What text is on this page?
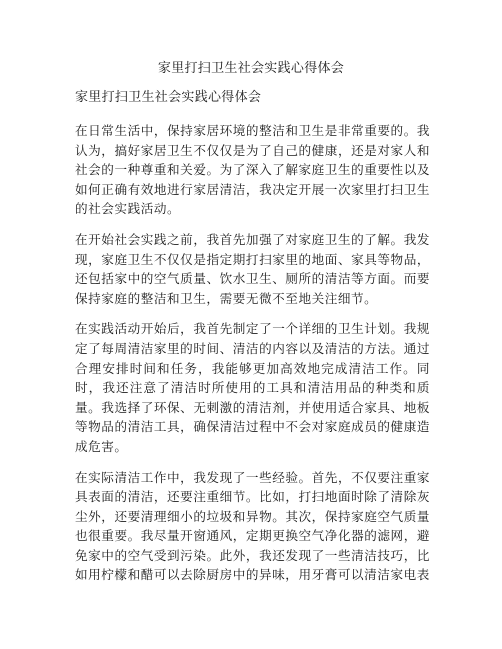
家里打扫卫生社会实践心得体会
家里打扫卫生社会实践心得体会

在日常生活中，保持家居环境的整洁和卫生是非常重要的。我认为，搞好家居卫生不仅仅是为了自己的健康，还是对家人和社会的一种尊重和关爱。为了深入了解家庭卫生的重要性以及如何正确有效地进行家居清洁，我决定开展一次家里打扫卫生的社会实践活动。

在开始社会实践之前，我首先加强了对家庭卫生的了解。我发现，家庭卫生不仅仅是指定期打扫家里的地面、家具等物品，还包括家中的空气质量、饮水卫生、厕所的清洁等方面。而要保持家庭的整洁和卫生，需要无微不至地关注细节。

在实践活动开始后，我首先制定了一个详细的卫生计划。我规定了每周清洁家里的时间、清洁的内容以及清洁的方法。通过合理安排时间和任务，我能够更加高效地完成清洁工作。同时，我还注意了清洁时所使用的工具和清洁用品的种类和质量。我选择了环保、无刺激的清洁剂，并使用适合家具、地板等物品的清洁工具，确保清洁过程中不会对家庭成员的健康造成危害。

在实际清洁工作中，我发现了一些经验。首先，不仅要注重家具表面的清洁，还要注重细节。比如，打扫地面时除了清除灰尘外，还要清理细小的垃圾和异物。其次，保持家庭空气质量也很重要。我尽量开窗通风，定期更换空气净化器的滤网，避免家中的空气受到污染。此外，我还发现了一些清洁技巧，比如用柠檬和醋可以去除厨房中的异味，用牙膏可以清洁家电表
